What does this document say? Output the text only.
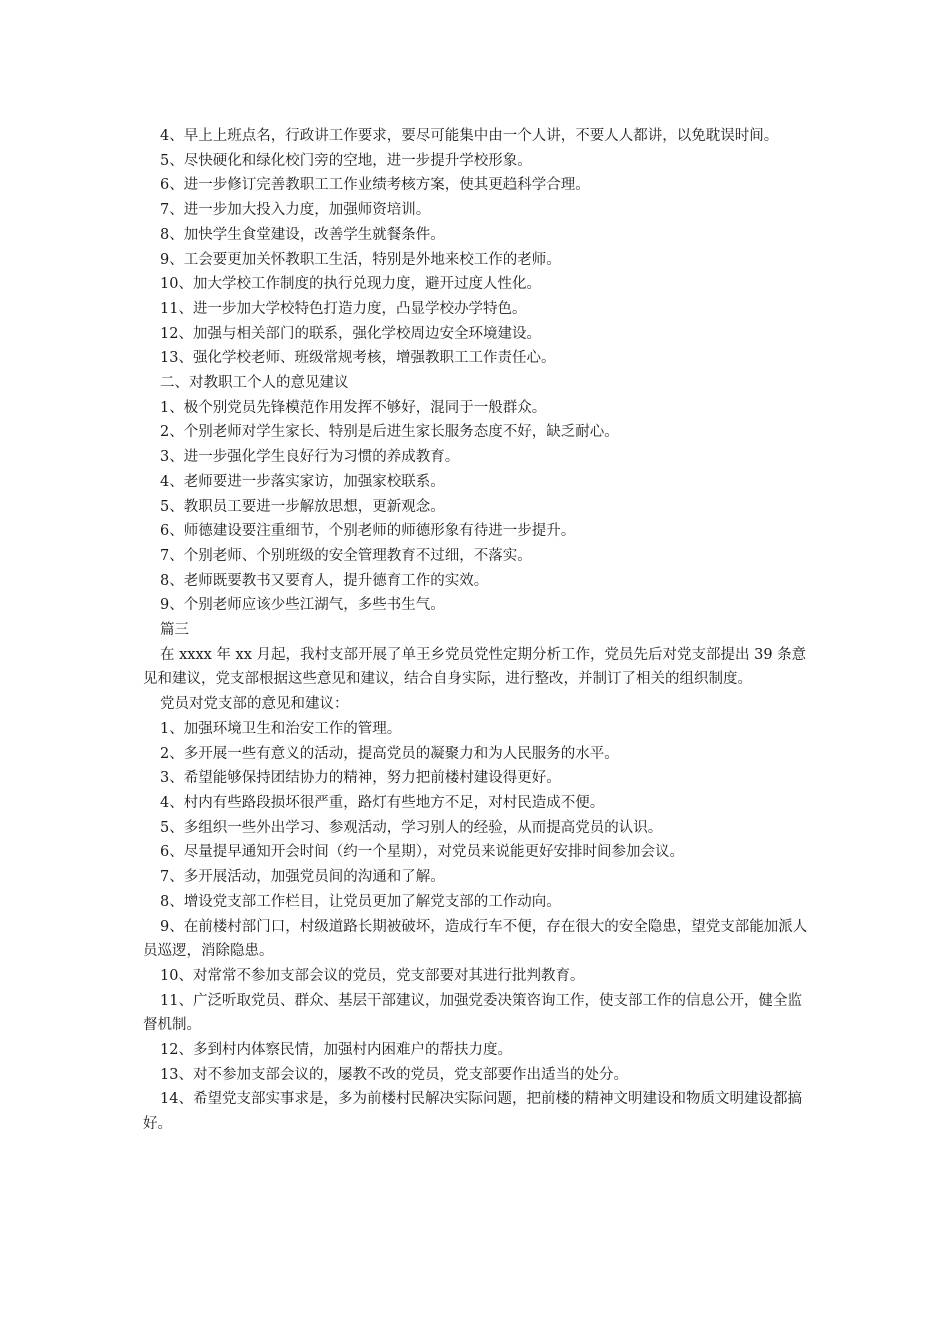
4、早上上班点名，行政讲工作要求，要尽可能集中由一个人讲，不要人人都讲，以免耽误时间。

5、尽快硬化和绿化校门旁的空地，进一步提升学校形象。

6、进一步修订完善教职工工作业绩考核方案，使其更趋科学合理。

7、进一步加大投入力度，加强师资培训。

8、加快学生食堂建设，改善学生就餐条件。

9、工会要更加关怀教职工生活，特别是外地来校工作的老师。

10、加大学校工作制度的执行兑现力度，避开过度人性化。

11、进一步加大学校特色打造力度，凸显学校办学特色。

12、加强与相关部门的联系，强化学校周边安全环境建设。

13、强化学校老师、班级常规考核，增强教职工工作责任心。

二、对教职工个人的意见建议

1、极个别党员先锋模范作用发挥不够好，混同于一般群众。

2、个别老师对学生家长、特别是后进生家长服务态度不好，缺乏耐心。

3、进一步强化学生良好行为习惯的养成教育。

4、老师要进一步落实家访，加强家校联系。

5、教职员工要进一步解放思想，更新观念。

6、师德建设要注重细节，个别老师的师德形象有待进一步提升。

7、个别老师、个别班级的安全管理教育不过细，不落实。

8、老师既要教书又要育人，提升德育工作的实效。

9、个别老师应该少些江湖气，多些书生气。

篇三

在 xxxx 年 xx 月起，我村支部开展了单王乡党员党性定期分析工作，党员先后对党支部提出 39 条意见和建议，党支部根据这些意见和建议，结合自身实际，进行整改，并制订了相关的组织制度。

党员对党支部的意见和建议：

1、加强环境卫生和治安工作的管理。

2、多开展一些有意义的活动，提高党员的凝聚力和为人民服务的水平。

3、希望能够保持团结协力的精神，努力把前楼村建设得更好。

4、村内有些路段损坏很严重，路灯有些地方不足，对村民造成不便。

5、多组织一些外出学习、参观活动，学习别人的经验，从而提高党员的认识。

6、尽量提早通知开会时间（约一个星期），对党员来说能更好安排时间参加会议。

7、多开展活动，加强党员间的沟通和了解。

8、增设党支部工作栏目，让党员更加了解党支部的工作动向。

9、在前楼村部门口，村级道路长期被破坏，造成行车不便，存在很大的安全隐患，望党支部能加派人员巡逻，消除隐患。

10、对常常不参加支部会议的党员，党支部要对其进行批判教育。

11、广泛听取党员、群众、基层干部建议，加强党委决策咨询工作，使支部工作的信息公开，健全监督机制。

12、多到村内体察民情，加强村内困难户的帮扶力度。

13、对不参加支部会议的，屡教不改的党员，党支部要作出适当的处分。

14、希望党支部实事求是，多为前楼村民解决实际问题，把前楼的精神文明建设和物质文明建设都搞好。
